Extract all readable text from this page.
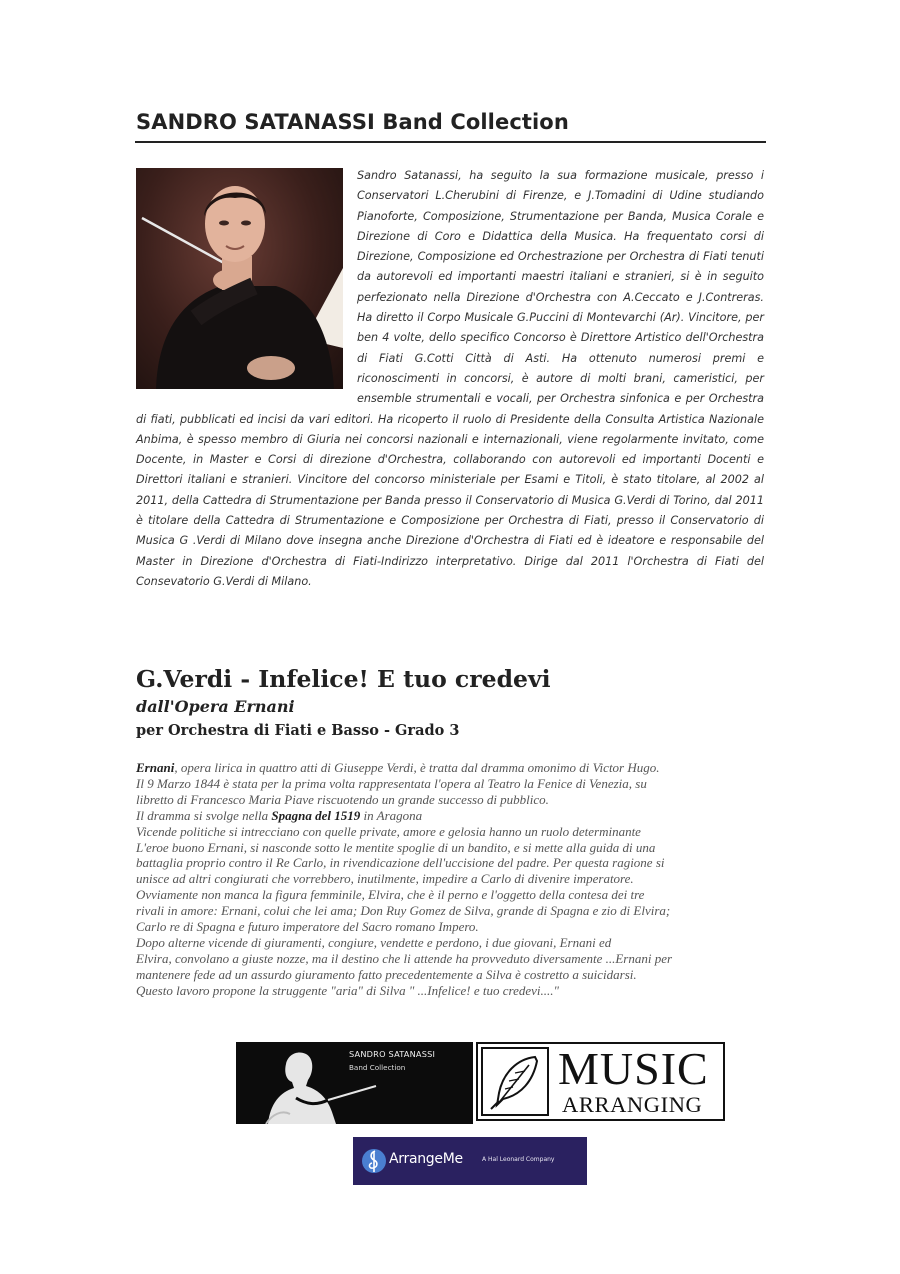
SANDRO SATANASSI Band Collection
Sandro Satanassi, ha seguito la sua formazione musicale, presso i Conservatori L.Cherubini di Firenze, e J.Tomadini di Udine studiando Pianoforte, Composizione, Strumentazione per Banda, Musica Corale e Direzione di Coro e Didattica della Musica. Ha frequentato corsi di Direzione, Composizione ed Orchestrazione per Orchestra di Fiati tenuti da autorevoli ed importanti maestri italiani e stranieri, si è in seguito perfezionato nella Direzione d'Orchestra con A.Ceccato e J.Contreras. Ha diretto il Corpo Musicale G.Puccini di Montevarchi (Ar). Vincitore, per ben 4 volte, dello specifico Concorso è Direttore Artistico dell'Orchestra di Fiati G.Cotti Città di Asti. Ha ottenuto numerosi premi e riconoscimenti in concorsi, è autore di molti brani, cameristici, per ensemble strumentali e vocali, per Orchestra sinfonica e per Orchestra di fiati, pubblicati ed incisi da vari editori. Ha ricoperto il ruolo di Presidente della Consulta Artistica Nazionale Anbima, è spesso membro di Giuria nei concorsi nazionali e internazionali, viene regolarmente invitato, come Docente, in Master e Corsi di direzione d'Orchestra, collaborando con autorevoli ed importanti Docenti e Direttori italiani e stranieri. Vincitore del concorso ministeriale per Esami e Titoli, è stato titolare, al 2002 al 2011, della Cattedra di Strumentazione per Banda presso il Conservatorio di Musica G.Verdi di Torino, dal 2011 è titolare della Cattedra di Strumentazione e Composizione per Orchestra di Fiati, presso il Conservatorio di Musica G .Verdi di Milano dove insegna anche Direzione d'Orchestra di Fiati ed è ideatore e responsabile del Master in Direzione d'Orchestra di Fiati-Indirizzo interpretativo. Dirige dal 2011 l'Orchestra di Fiati del Consevatorio G.Verdi di Milano.
G.Verdi - Infelice! E tuo credevi
dall'Opera Ernani
per Orchestra di Fiati e Basso - Grado 3
Ernani, opera lirica in quattro atti di Giuseppe Verdi, è tratta dal dramma omonimo di Victor Hugo.
Il 9 Marzo 1844 è stata per la prima volta rappresentata l'opera al Teatro la Fenice di Venezia, su
libretto di Francesco Maria Piave riscuotendo un grande successo di pubblico.
Il dramma si svolge nella Spagna del 1519 in Aragona
Vicende politiche si intrecciano con quelle private, amore e gelosia hanno un ruolo determinante
L'eroe buono Ernani, si nasconde sotto le mentite spoglie di un bandito, e si mette alla guida di una
battaglia proprio contro il Re Carlo, in rivendicazione dell'uccisione del padre. Per questa ragione si
unisce ad altri congiurati che vorrebbero, inutilmente, impedire a Carlo di divenire imperatore.
Ovviamente non manca la figura femminile, Elvira, che è il perno e l'oggetto della contesa dei tre
rivali in amore: Ernani, colui che lei ama; Don Ruy Gomez de Silva, grande di Spagna e zio di Elvira;
Carlo re di Spagna e futuro imperatore del Sacro romano Impero.
Dopo alterne vicende di giuramenti, congiure, vendette e perdono, i due giovani, Ernani ed
Elvira, convolano a giuste nozze, ma il destino che li attende ha provveduto diversamente ...Ernani per
mantenere fede ad un assurdo giuramento fatto precedentemente a Silva è costretto a suicidarsi.
Questo lavoro propone la struggente "aria" di Silva " ...Infelice! e tuo credevi...."
SANDRO SATANASSI
Band Collection	MUSIC
ARRANGING
ArrangeMe	A Hal Leonard Company
